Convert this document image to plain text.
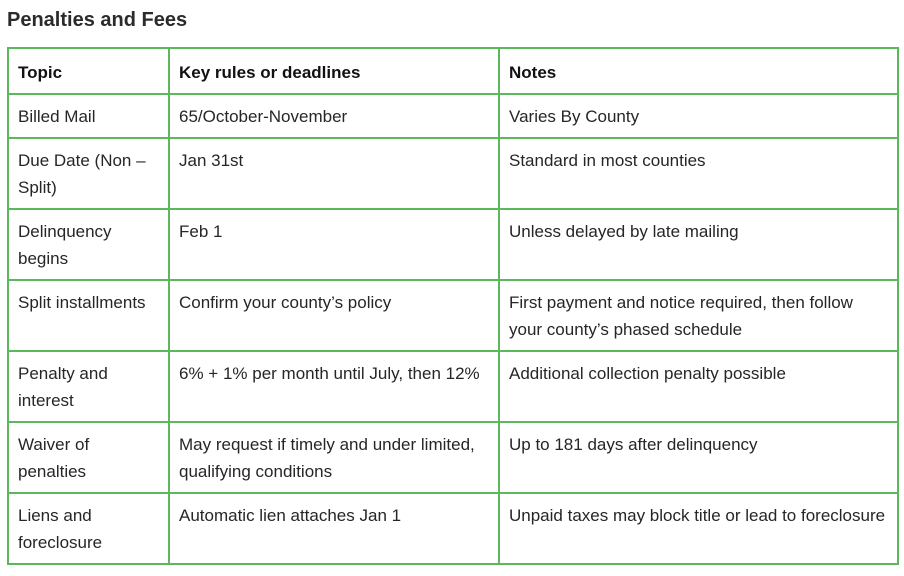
Penalties and Fees
Topic	Key rules or deadlines	Notes
Billed Mail	65/October-November	Varies By County
Due Date (Non – Split)	Jan 31st	Standard in most counties
Delinquency begins	Feb 1	Unless delayed by late mailing
Split installments	Confirm your county’s policy	First payment and notice required, then follow your county’s phased schedule
Penalty and interest	6% + 1% per month until July, then 12%	Additional collection penalty possible
Waiver of penalties	May request if timely and under limited, qualifying conditions	Up to 181 days after delinquency
Liens and foreclosure	Automatic lien attaches Jan 1	Unpaid taxes may block title or lead to foreclosure
